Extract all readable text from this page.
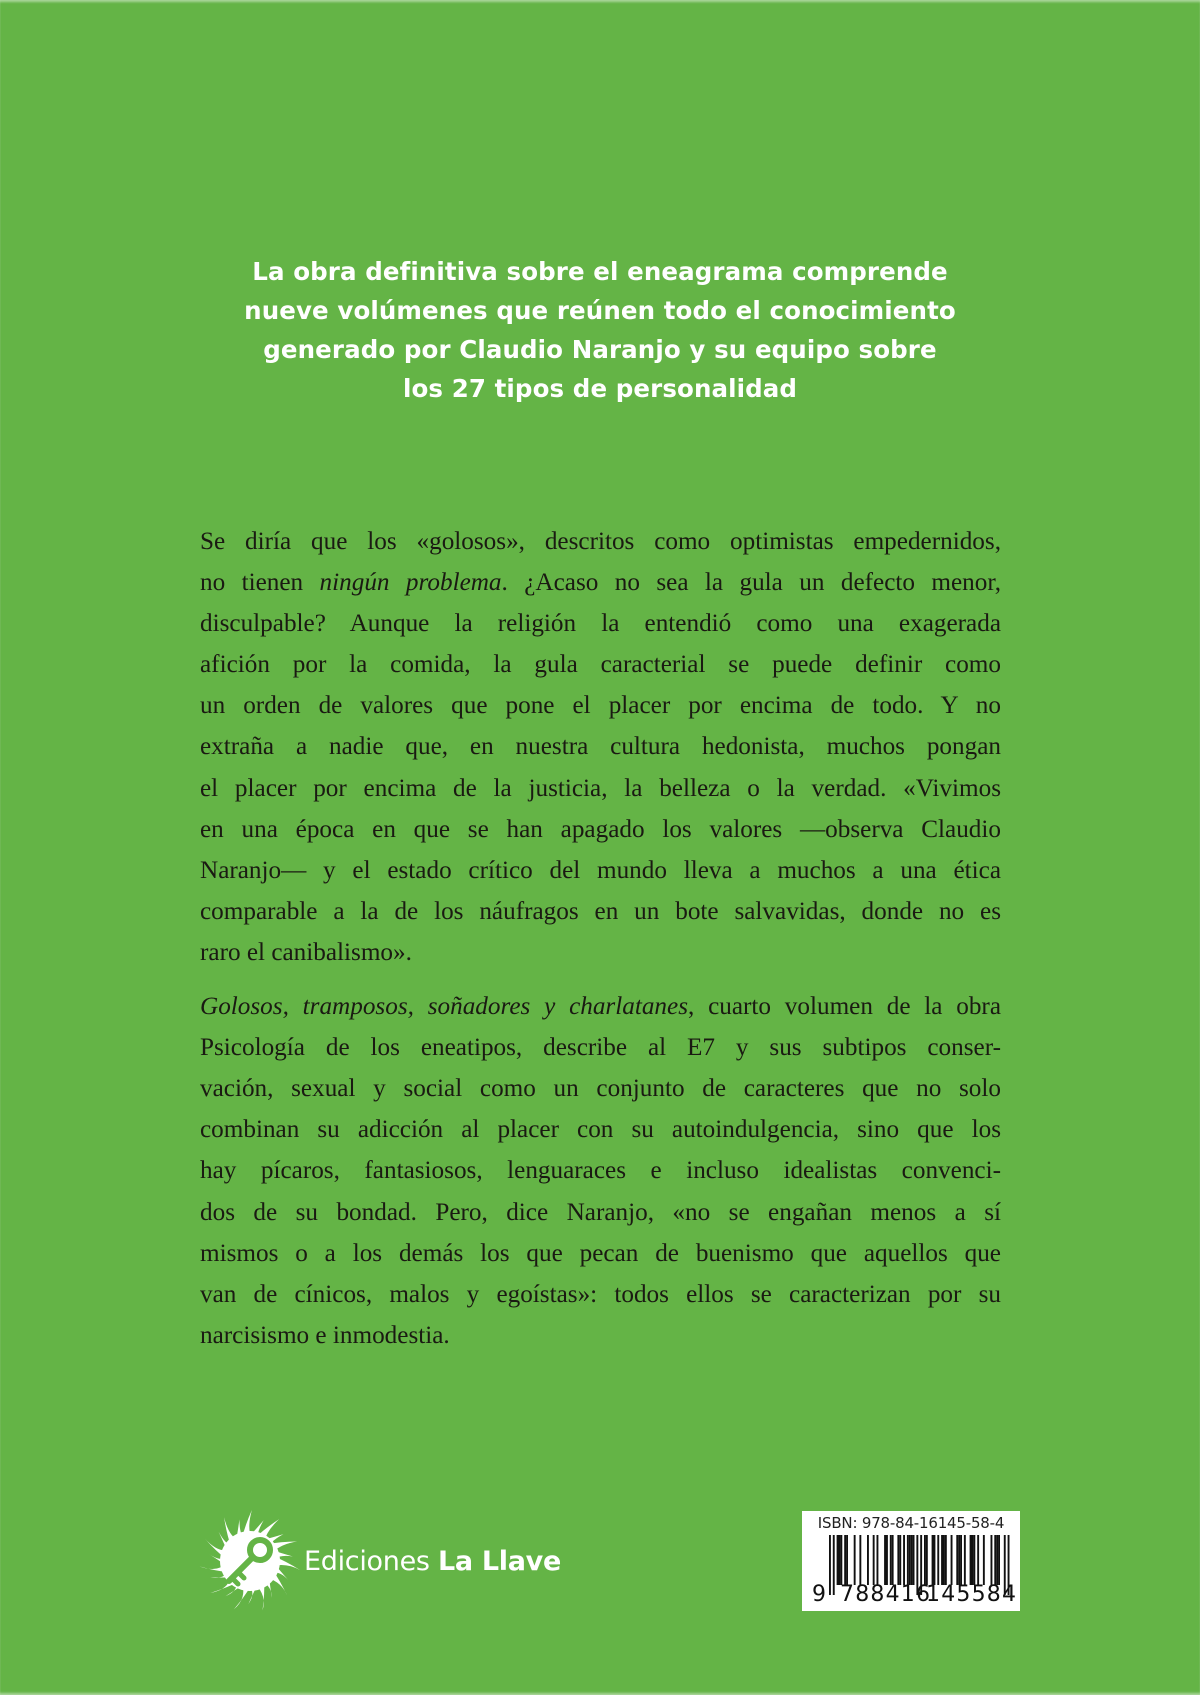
La obra definitiva sobre el eneagrama comprende
nueve volúmenes que reúnen todo el conocimiento
generado por Claudio Naranjo y su equipo sobre
los 27 tipos de personalidad
Se diría que los «golosos», descritos como optimistas empedernidos,
no tienen ningún problema. ¿Acaso no sea la gula un defecto menor,
disculpable? Aunque la religión la entendió como una exagerada
afición por la comida, la gula caracterial se puede definir como
un orden de valores que pone el placer por encima de todo. Y no
extraña a nadie que, en nuestra cultura hedonista, muchos pongan
el placer por encima de la justicia, la belleza o la verdad. «Vivimos
en una época en que se han apagado los valores —observa Claudio
Naranjo— y el estado crítico del mundo lleva a muchos a una ética
comparable a la de los náufragos en un bote salvavidas, donde no es
raro el canibalismo».
Golosos, tramposos, soñadores y charlatanes, cuarto volumen de la obra
Psicología de los eneatipos, describe al E7 y sus subtipos conser-
vación, sexual y social como un conjunto de caracteres que no solo
combinan su adicción al placer con su autoindulgencia, sino que los
hay pícaros, fantasiosos, lenguaraces e incluso idealistas convenci-
dos de su bondad. Pero, dice Naranjo, «no se engañan menos a sí
mismos o a los demás los que pecan de buenismo que aquellos que
van de cínicos, malos y egoístas»: todos ellos se caracterizan por su
narcisismo e inmodestia.
Ediciones La Llave
ISBN: 978-84-16145-58-4
9 788416
145584
